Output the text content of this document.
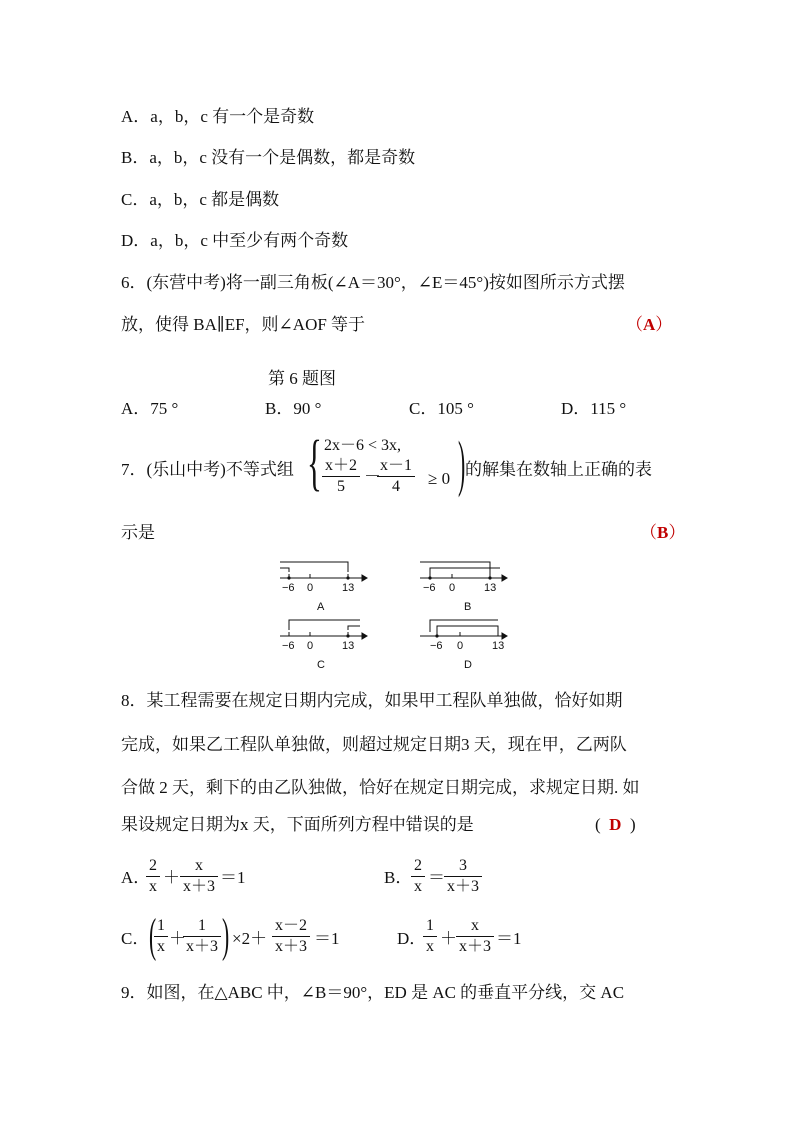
A．a，b，c 有一个是奇数
B．a，b，c 没有一个是偶数，都是奇数
C．a，b，c 都是偶数
D．a，b，c 中至少有两个奇数
6．(东营中考)将一副三角板(∠A＝30°，∠E＝45°)按如图所示方式摆
放，使得 BA∥EF，则∠AOF 等于	（A）
第 6 题图
A．75 °	B．90 °	C．105 °	D．115 °
7．(乐山中考)不等式组 { 2x－6 < 3x,
$\frac{x+2}{5}$ －
$\frac{x-1}{4} \ge 0$ ) 的解集在数轴上正确的表
示是	（B）
−6 0	13
A
−6 0	13
B
−6 0	13
C
−6 0	13
D
8．某工程需要在规定日期内完成，如果甲工程队单独做，恰好如期
完成，如果乙工程队单独做，则超过规定日期3 天，现在甲，乙两队
合做 2 天，剩下的由乙队独做，恰好在规定日期完成，求规定日期. 如
果设规定日期为x 天，下面所列方程中错误的是	(  D  )
A．
$\frac{2}{x} + \frac{x}{x+3} =1$	B．
$\frac{2}{x} = \frac{3}{x+3}$
C． (
$\frac{1}{x}$ ＋
$\frac{1}{x+3}$ ) $\times 2+ \frac{x-2}{x+3} =1$	D．
$\frac{1}{x} + \frac{x}{x+3} =1$
9．如图，在△ABC 中，∠B＝90°，ED 是 AC 的垂直平分线，交 AC
